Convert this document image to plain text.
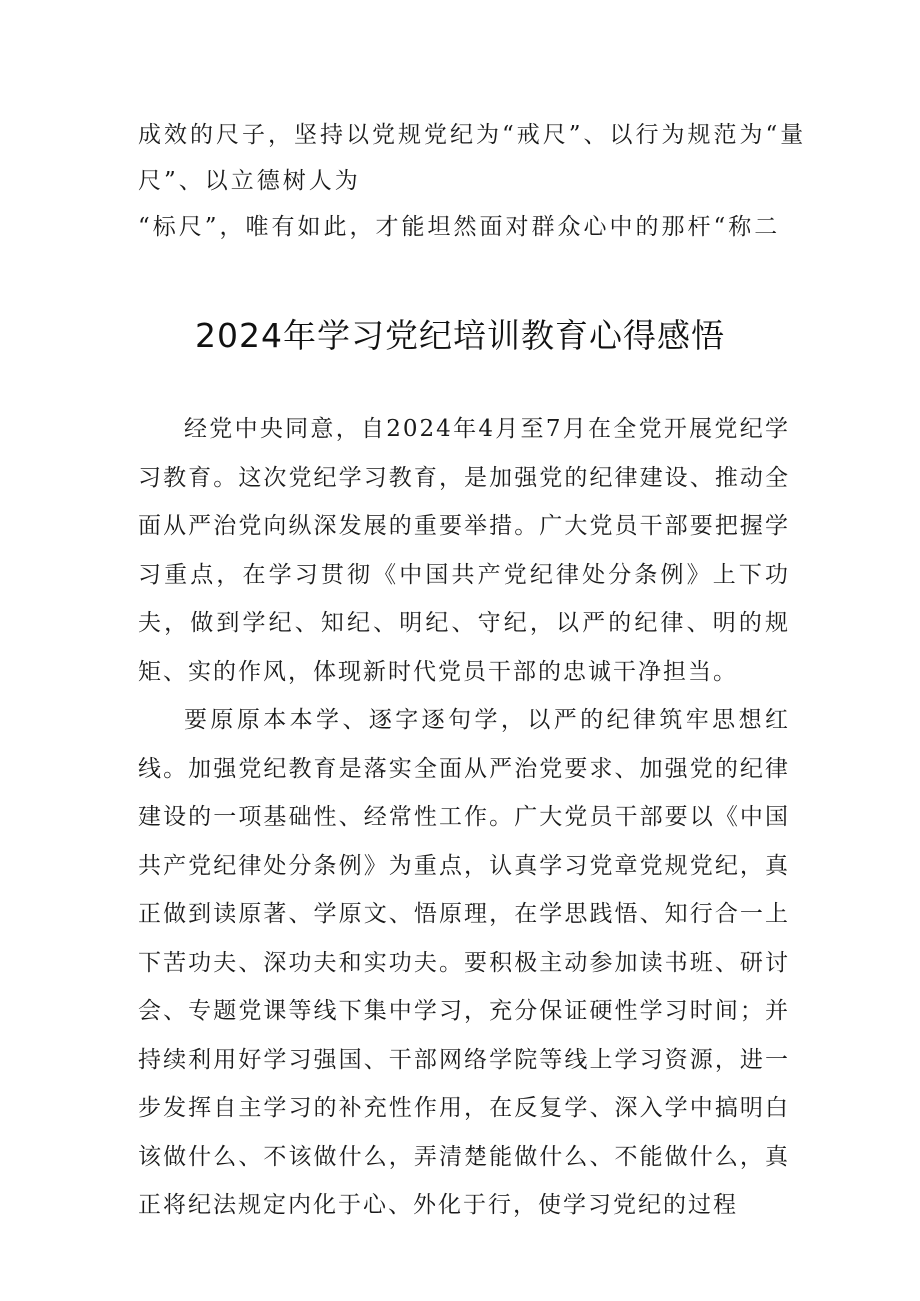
成效的尺子，坚持以党规党纪为“戒尺”、以行为规范为“量
尺”、以立德树人为
“标尺”，唯有如此，才能坦然面对群众心中的那杆“称二
2024年学习党纪培训教育心得感悟

经党中央同意，自2024年4月至7月在全党开展党纪学习教育。这次党纪学习教育，是加强党的纪律建设、推动全面从严治党向纵深发展的重要举措。广大党员干部要把握学习重点，在学习贯彻《中国共产党纪律处分条例》上下功夫，做到学纪、知纪、明纪、守纪，以严的纪律、明的规矩、实的作风，体现新时代党员干部的忠诚干净担当。

要原原本本学、逐字逐句学，以严的纪律筑牢思想红线。加强党纪教育是落实全面从严治党要求、加强党的纪律建设的一项基础性、经常性工作。广大党员干部要以《中国共产党纪律处分条例》为重点，认真学习党章党规党纪，真正做到读原著、学原文、悟原理，在学思践悟、知行合一上下苦功夫、深功夫和实功夫。要积极主动参加读书班、研讨会、专题党课等线下集中学习，充分保证硬性学习时间；并持续利用好学习强国、干部网络学院等线上学习资源，进一步发挥自主学习的补充性作用，在反复学、深入学中搞明白该做什么、不该做什么，弄清楚能做什么、不能做什么，真正将纪法规定内化于心、外化于行，使学习党纪的过程
